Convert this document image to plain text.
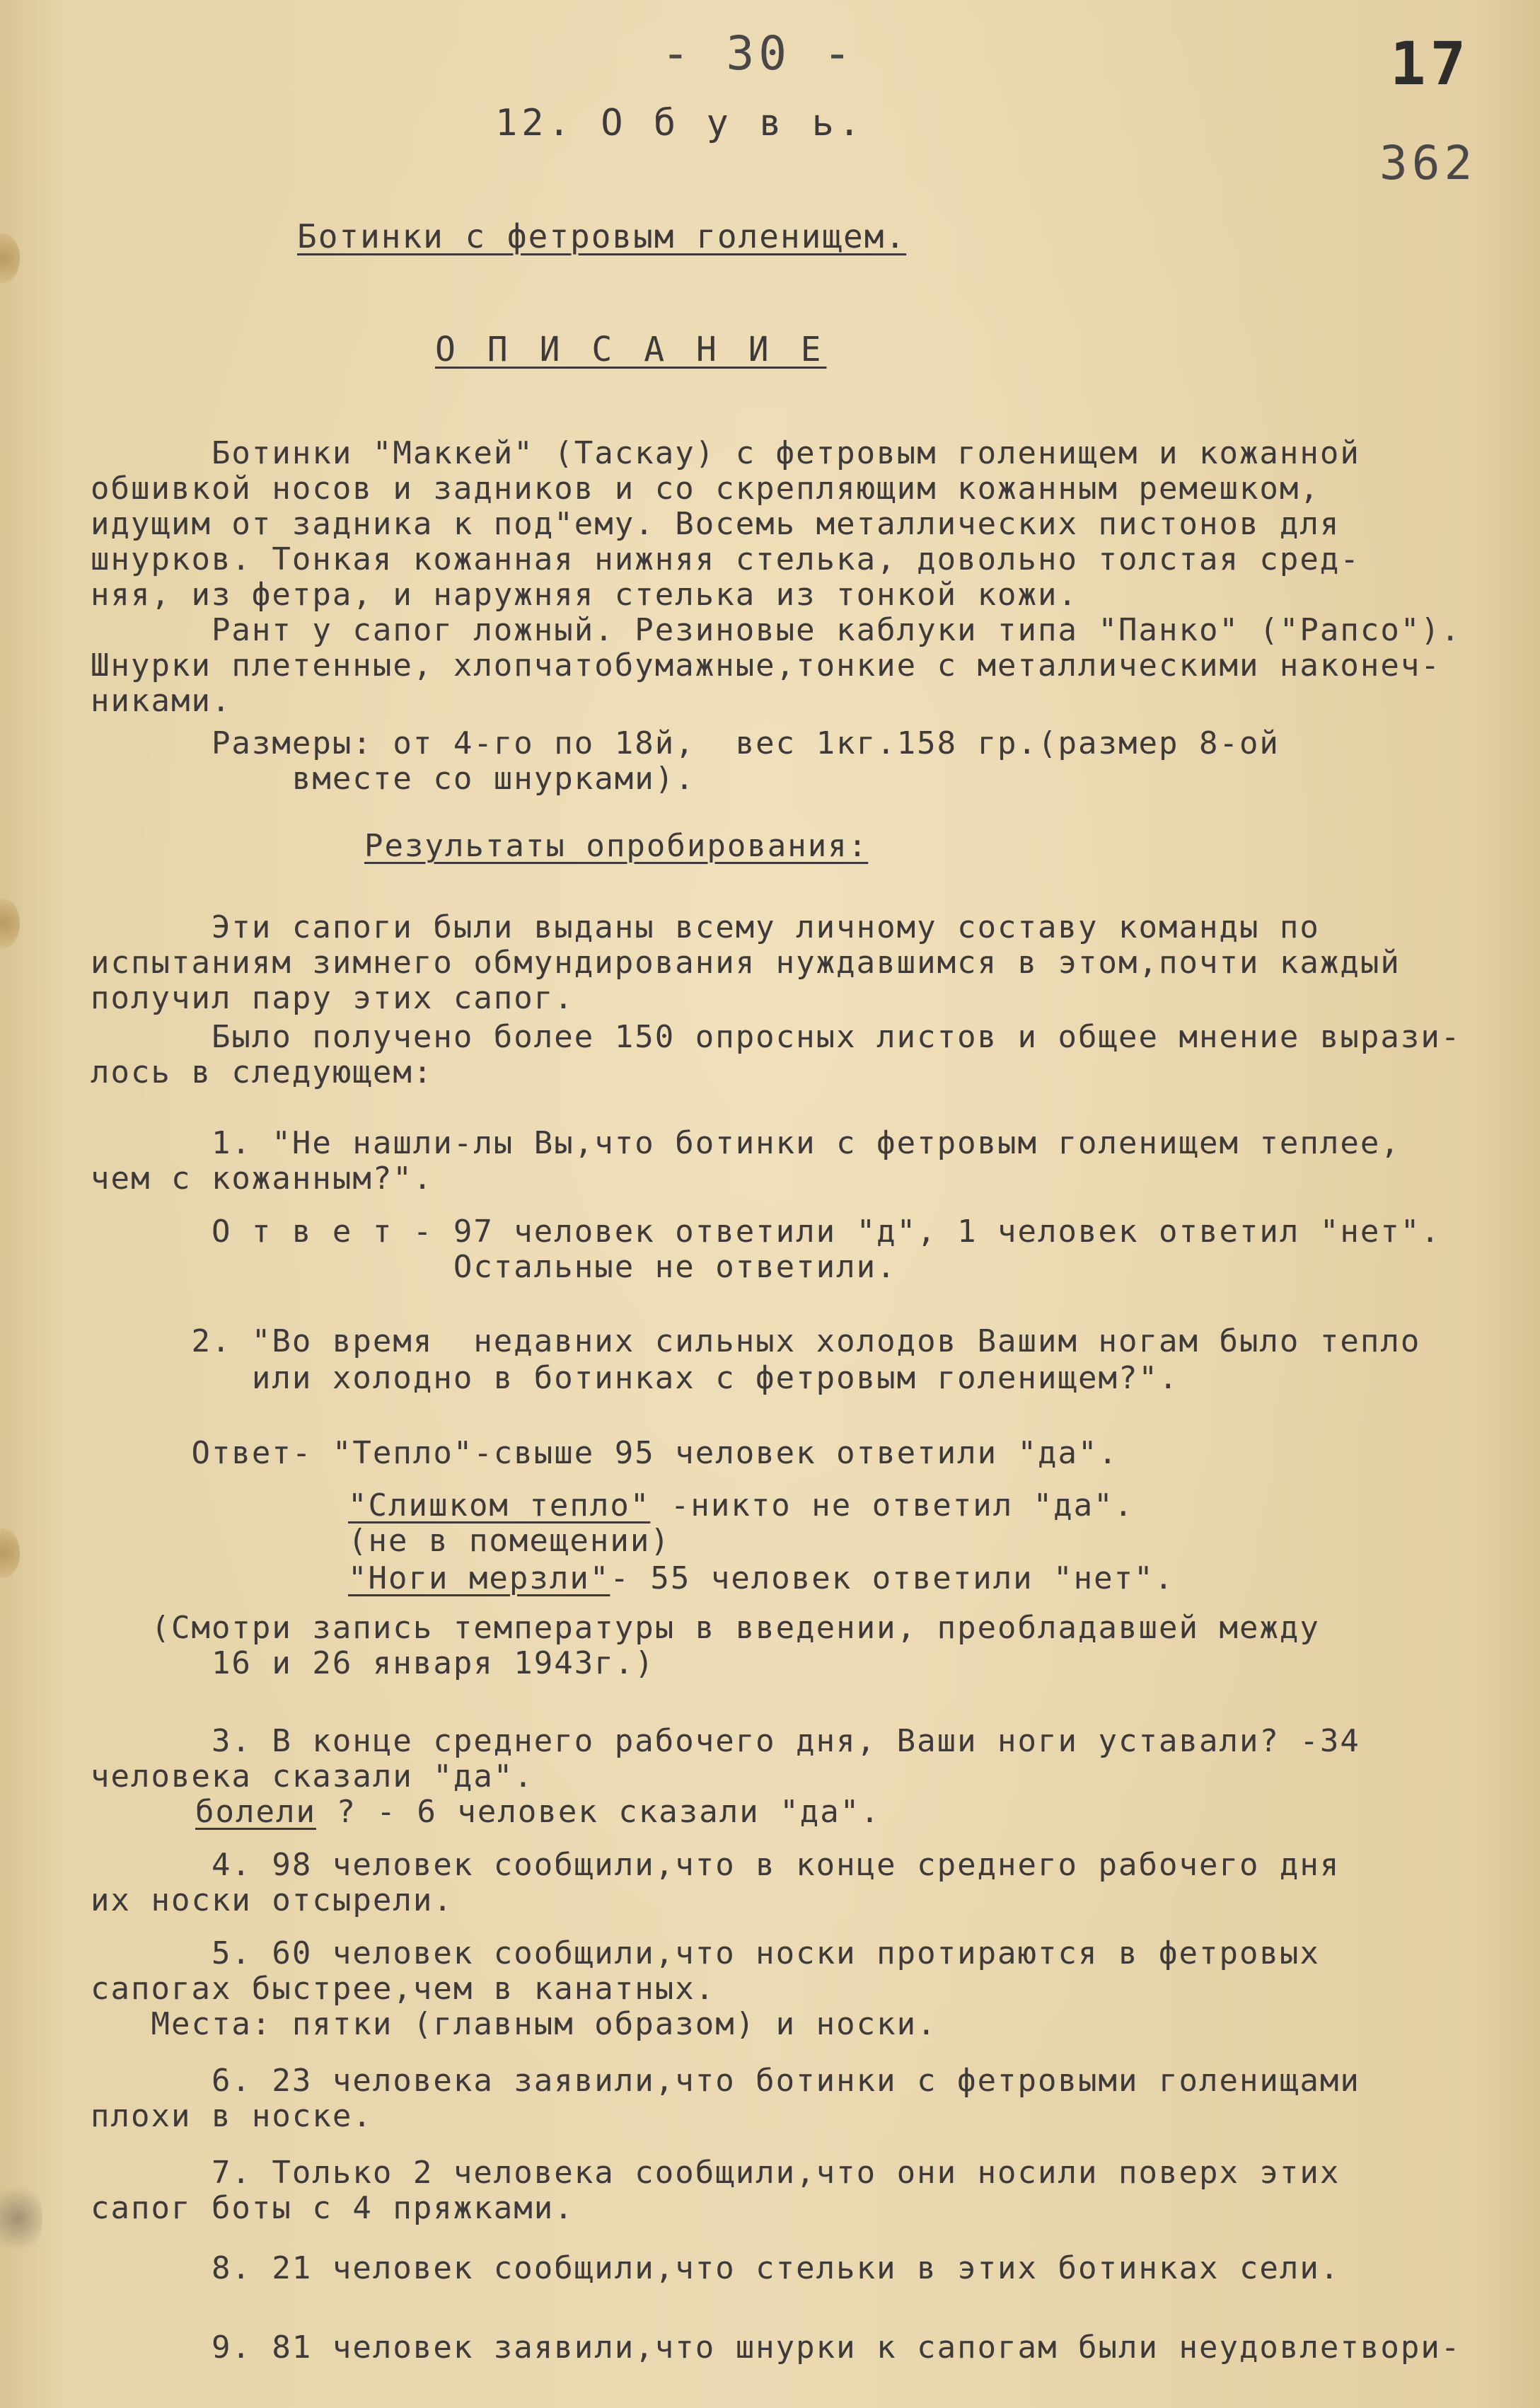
- 30 -	17

362

12. О б у в ь.

Ботинки с фетровым голенищем.

О П И С А Н И Е

Ботинки "Маккей" (Таскау) с фетровым голенищем и кожанной

обшивкой носов и задников и со скрепляющим кожанным ремешком,

идущим от задника к под"ему. Восемь металлических пистонов для

шнурков. Тонкая кожанная нижняя стелька, довольно толстая сред-

няя, из фетра, и наружняя стелька из тонкой кожи.

Рант у сапог ложный. Резиновые каблуки типа "Панко" ("Рапсо").

Шнурки плетенные, хлопчатобумажные,тонкие с металлическими наконеч-

никами.

Размеры: от 4-го по 18й,  вес 1кг.158 гр.(размер 8-ой

вместе со шнурками).

Результаты опробирования:

Эти сапоги были выданы всему личному составу команды по

испытаниям зимнего обмундирования нуждавшимся в этом,почти каждый

получил пару этих сапог.

Было получено более 150 опросных листов и общее мнение вырази-

лось в следующем:

1. "Не нашли-лы Вы,что ботинки с фетровым голенищем теплее,

чем с кожанным?".

О т в е т - 97 человек ответили "д", 1 человек ответил "нет".

Остальные не ответили.

2. "Во время  недавних сильных холодов Вашим ногам было тепло

или холодно в ботинках с фетровым голенищем?".

Ответ- "Тепло"-свыше 95 человек ответили "да".

"Слишком тепло" -никто не ответил "да".

(не в помещении)

"Ноги мерзли"- 55 человек ответили "нет".

(Смотри запись температуры в введении, преобладавшей между

16 и 26 января 1943г.)

3. В конце среднего рабочего дня, Ваши ноги уставали? -34

человека сказали "да".

болели ? - 6 человек сказали "да".

4. 98 человек сообщили,что в конце среднего рабочего дня

их носки отсырели.

5. 60 человек сообщили,что носки протираются в фетровых

сапогах быстрее,чем в канатных.

Места: пятки (главным образом) и носки.

6. 23 человека заявили,что ботинки с фетровыми голенищами

плохи в носке.

7. Только 2 человека сообщили,что они носили поверх этих

сапог боты с 4 пряжками.

8. 21 человек сообщили,что стельки в этих ботинках сели.

9. 81 человек заявили,что шнурки к сапогам были неудовлетвори-
